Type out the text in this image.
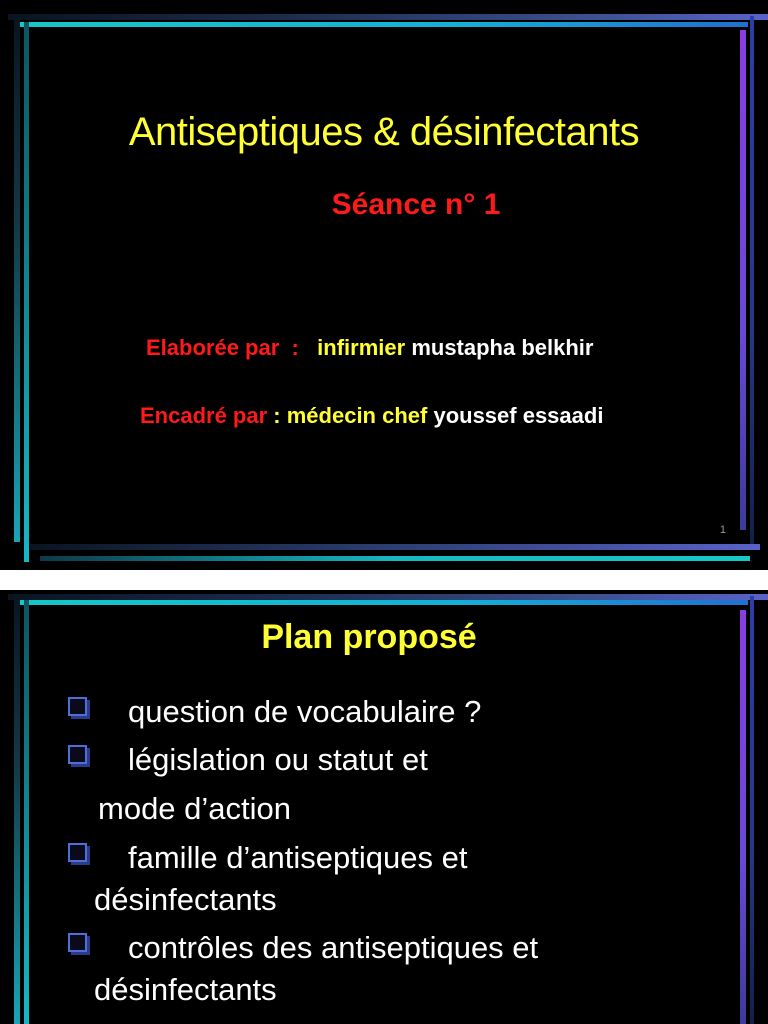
Antiseptiques & désinfectants
Séance n° 1
Elaborée par  :   infirmier mustapha belkhir
Encadré par : médecin chef youssef essaadi
1
Plan proposé
question de vocabulaire ?
législation ou statut et
mode d’action
famille d’antiseptiques et
désinfectants
contrôles des antiseptiques et
désinfectants
